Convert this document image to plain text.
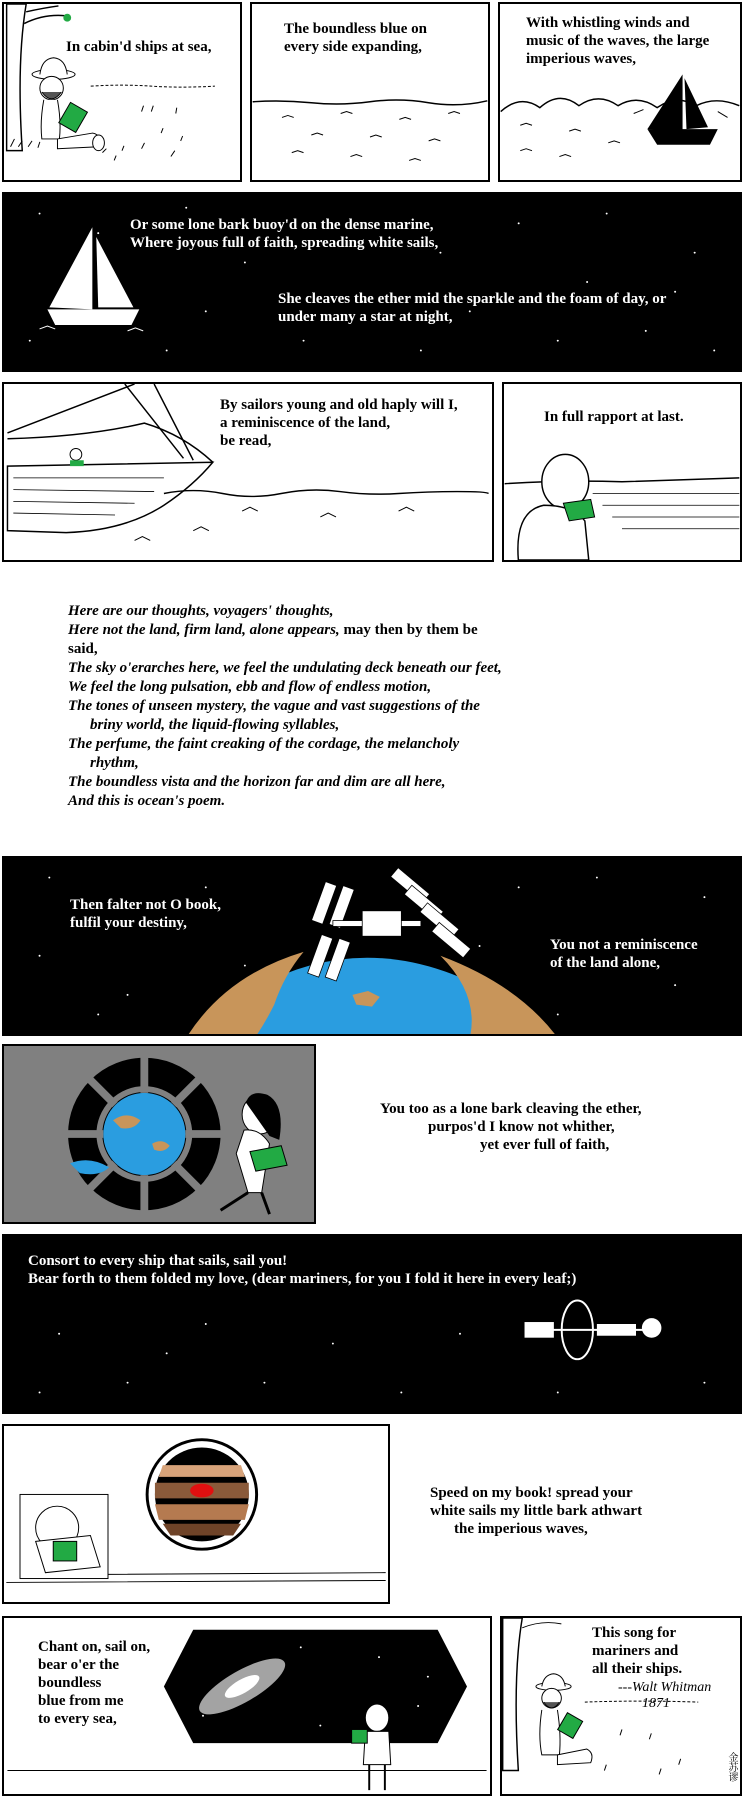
In cabin'd ships at sea,

The boundless blue on every side expanding,

With whistling winds and music of the waves, the large imperious waves,

Or some lone bark buoy'd on the dense marine,

Where joyous full of faith, spreading white sails,

She cleaves the ether mid the sparkle and the foam of day, or

under many a star at night,

By sailors young and old haply will I,

a reminiscence of the land,

be read,

In full rapport at last.

Here are our thoughts, voyagers' thoughts,
Here not the land, firm land, alone appears, may then by them be
said,
The sky o'erarches here, we feel the undulating deck beneath our feet,
We feel the long pulsation, ebb and flow of endless motion,
The tones of unseen mystery, the vague and vast suggestions of the
briny world, the liquid-flowing syllables,
The perfume, the faint creaking of the cordage, the melancholy
rhythm,
The boundless vista and the horizon far and dim are all here,
And this is ocean's poem.

Then falter not O book,

fulfil your destiny,

You not a reminiscence

of the land alone,

You too as a lone bark cleaving the ether,

purpos'd I know not whither,

yet ever full of faith,

Consort to every ship that sails, sail you!

Bear forth to them folded my love, (dear mariners, for you I fold it here in every leaf;)

Speed on my book! spread your

white sails my little bark athwart

the imperious waves,

Chant on, sail on,

bear o'er the

boundless

blue from me

to every sea,

This song for

mariners and

all their ships.

---Walt Whitman
1871
金苏谬
